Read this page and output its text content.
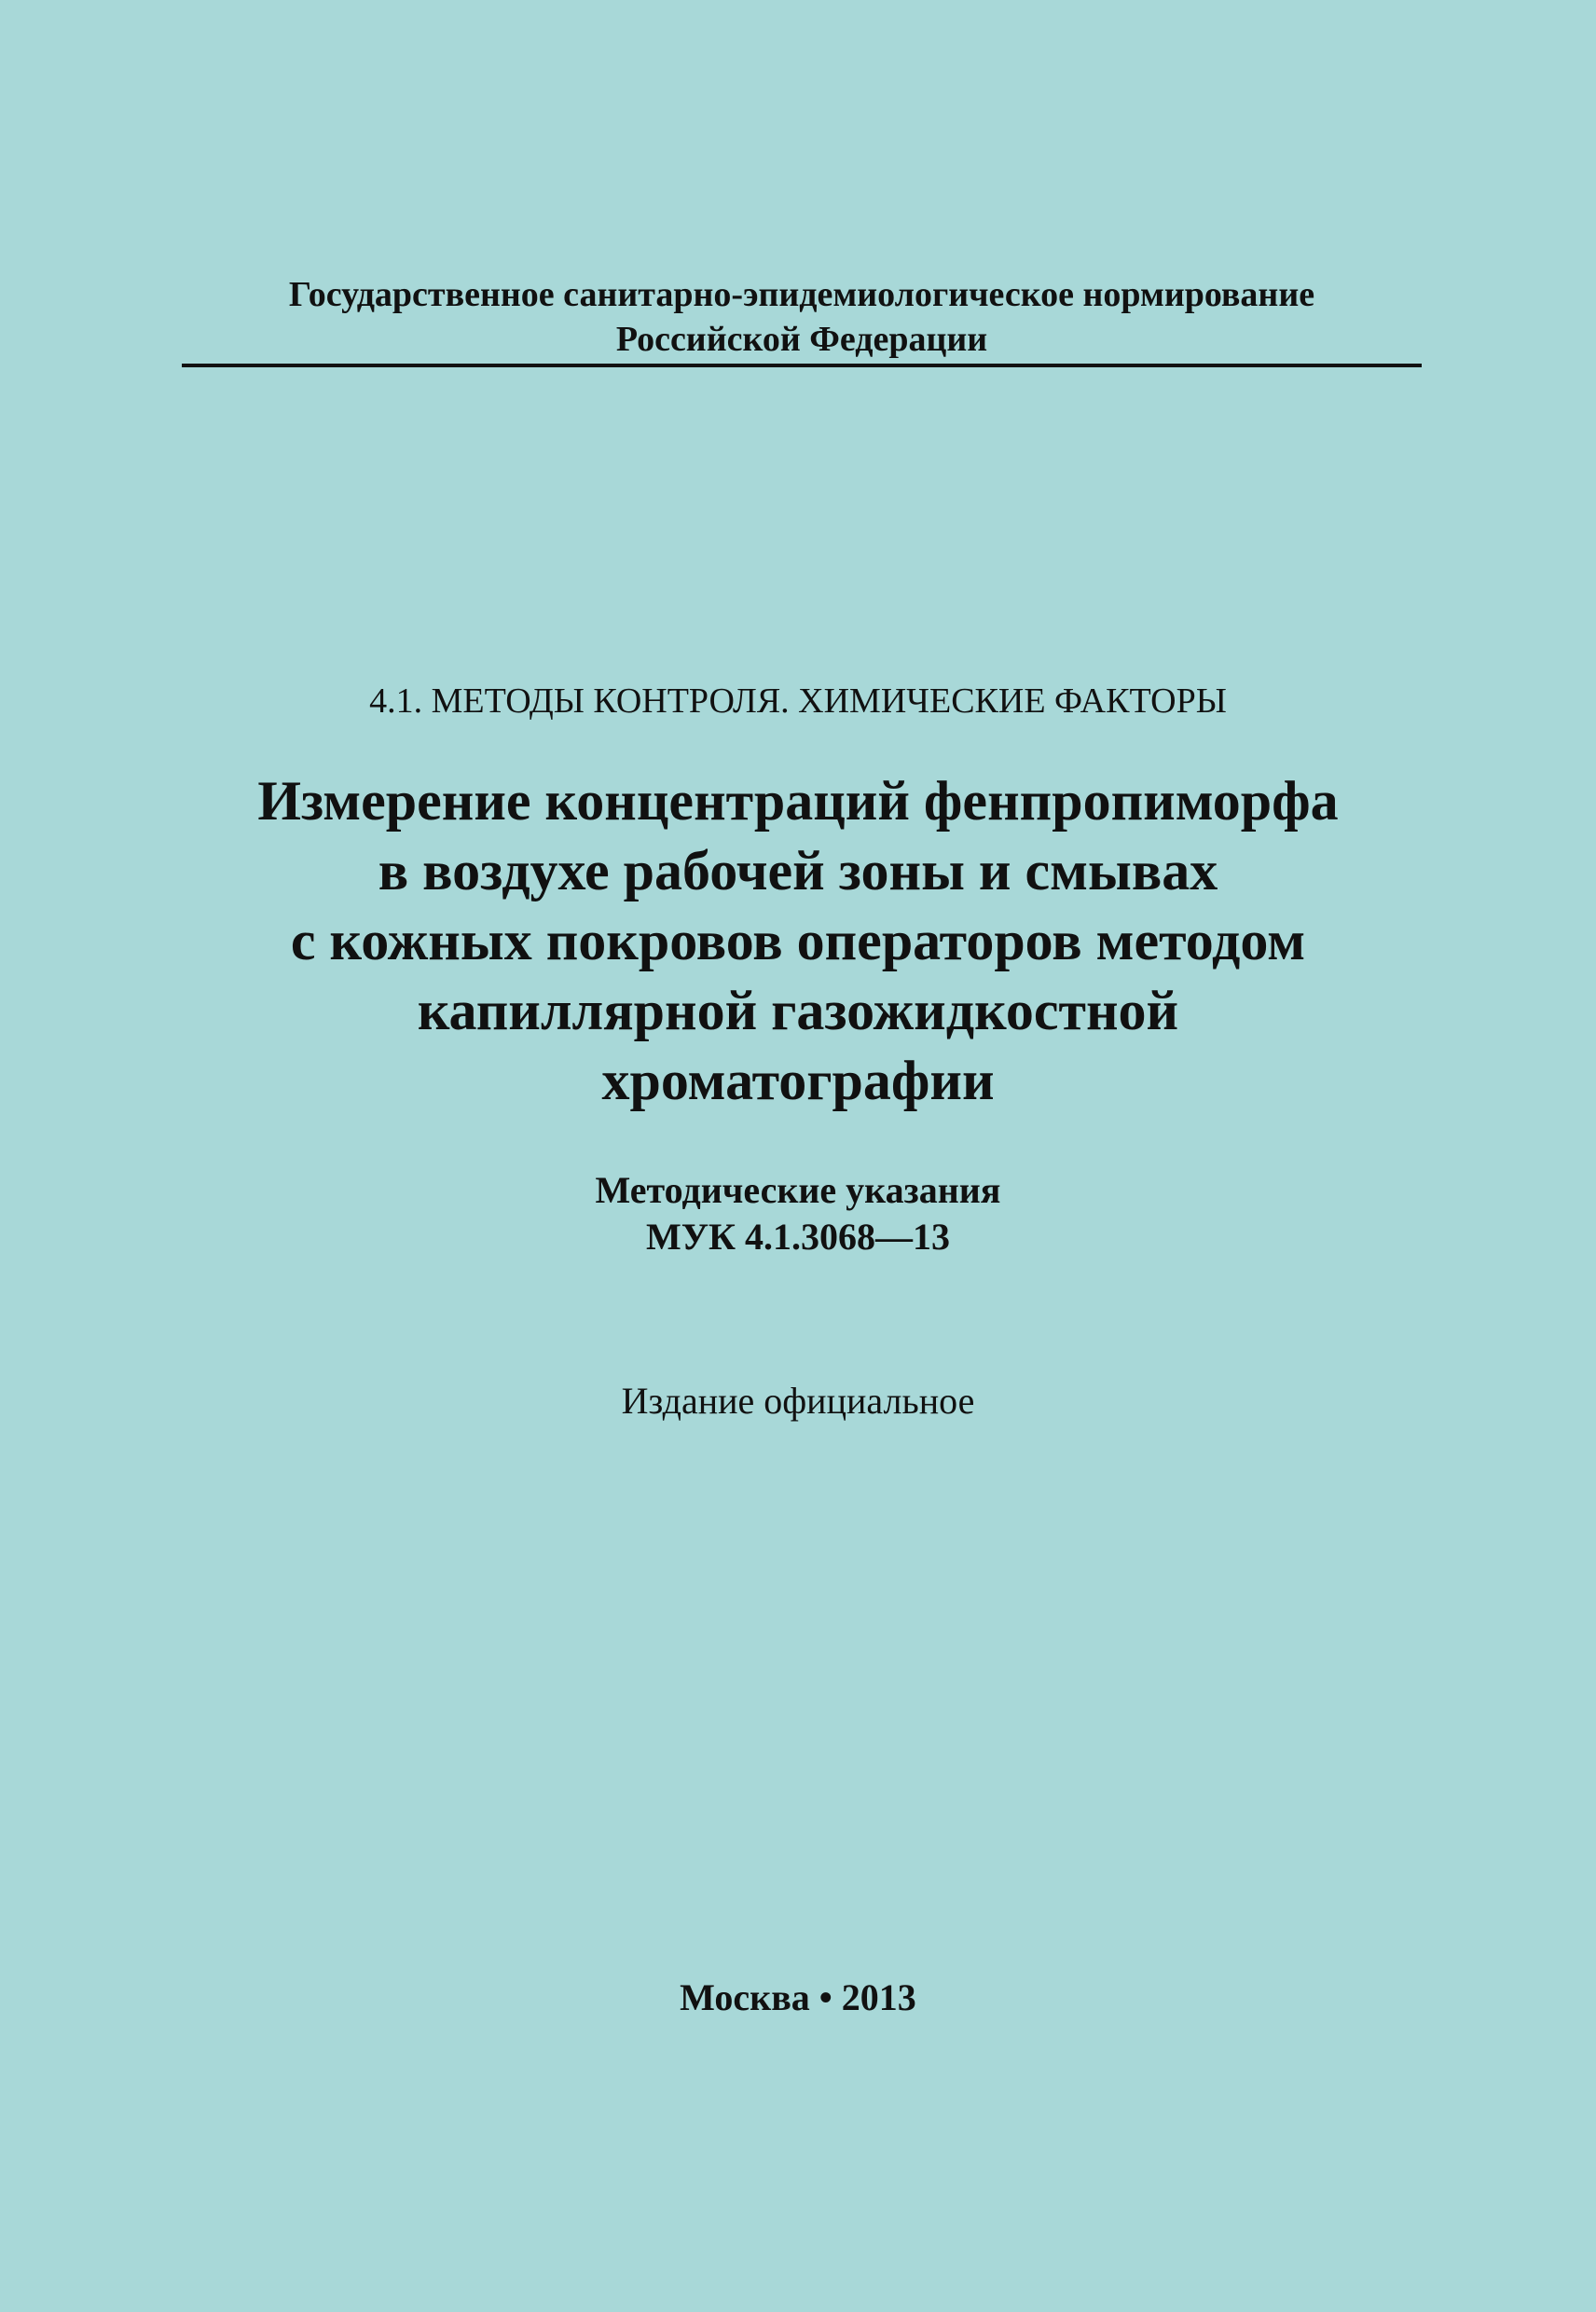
Государственное санитарно-эпидемиологическое нормирование
Российской Федерации
4.1. МЕТОДЫ КОНТРОЛЯ. ХИМИЧЕСКИЕ ФАКТОРЫ
Измерение концентраций фенпропиморфа
в воздухе рабочей зоны и смывах
с кожных покровов операторов методом
капиллярной газожидкостной
хроматографии
Методические указания
МУК 4.1.3068—13
Издание официальное
Москва • 2013
